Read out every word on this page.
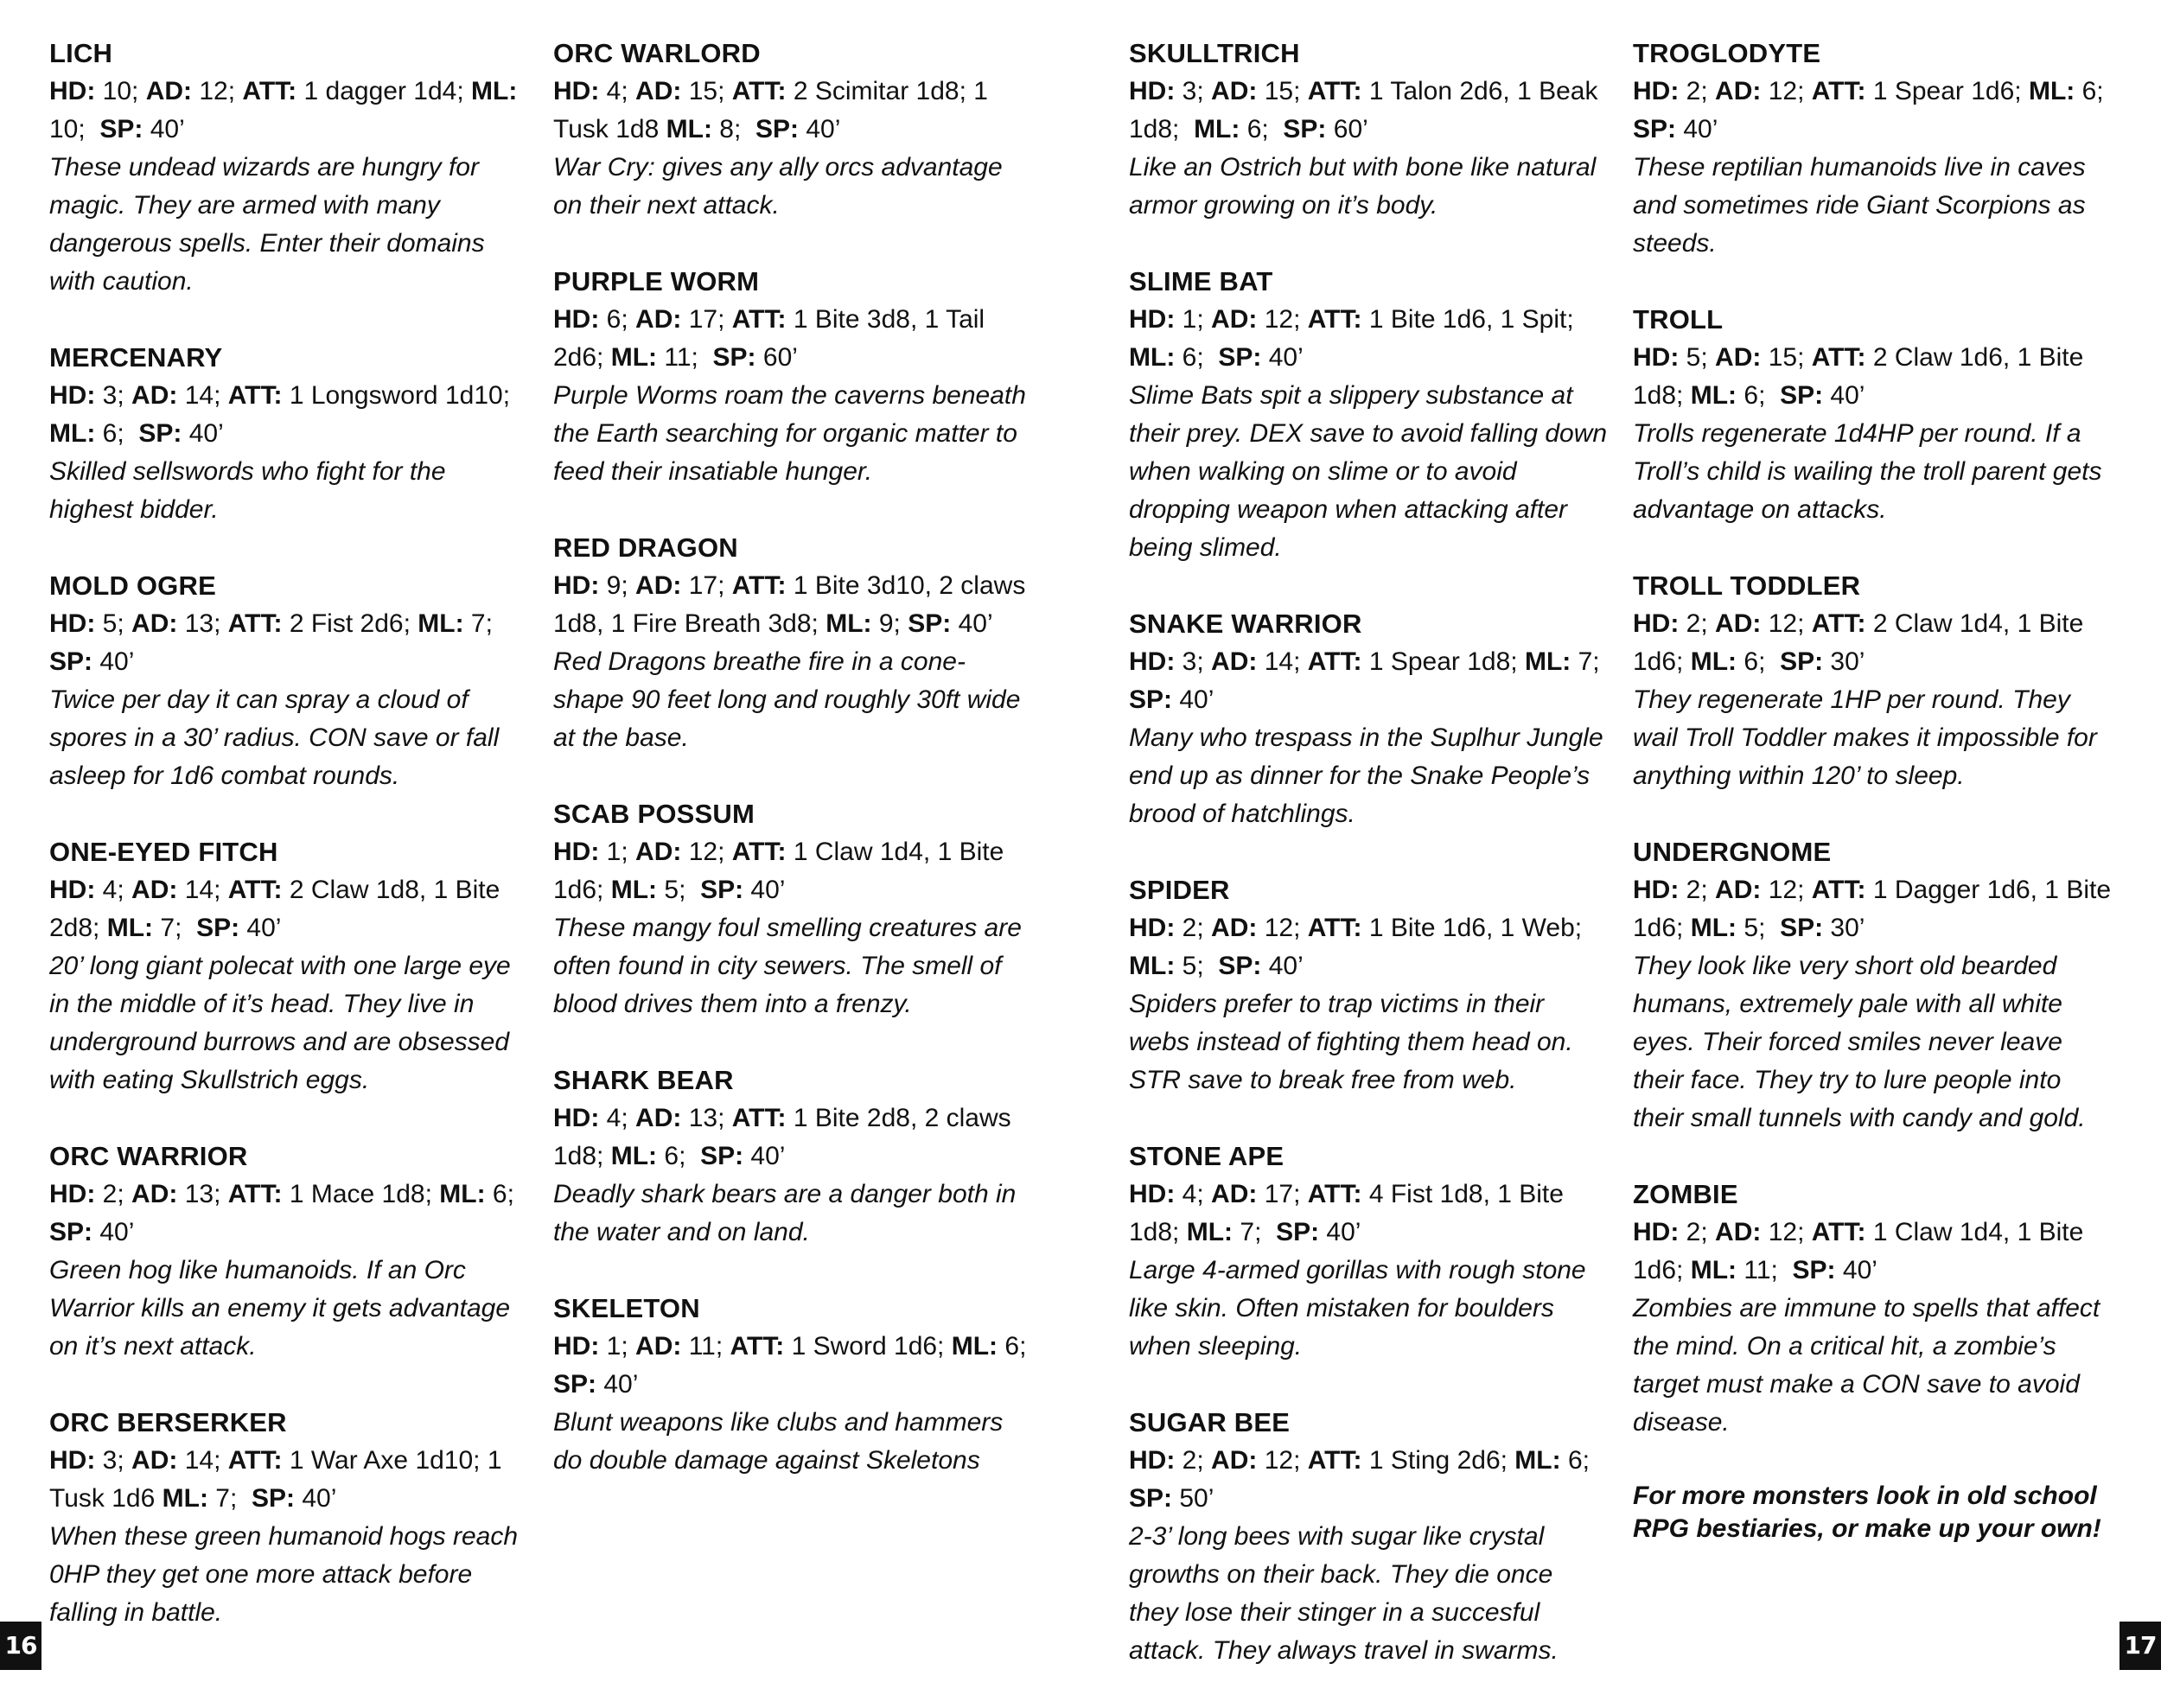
LICH

HD: 10; AD: 12; ATT: 1 dagger 1d4; ML: 10;  SP: 40’

These undead wizards are hungry for magic. They are armed with many dangerous spells. Enter their domains with caution.

MERCENARY

HD: 3; AD: 14; ATT: 1 Longsword 1d10; ML: 6;  SP: 40’

Skilled sellswords who fight for the highest bidder.

MOLD OGRE

HD: 5; AD: 13; ATT: 2 Fist 2d6; ML: 7; SP: 40’

Twice per day it can spray a cloud of spores in a 30’ radius. CON save or fall asleep for 1d6 combat rounds.

ONE-EYED FITCH

HD: 4; AD: 14; ATT: 2 Claw 1d8, 1 Bite 2d8; ML: 7;  SP: 40’

20’ long giant polecat with one large eye in the middle of it’s head. They live in underground burrows and are obsessed with eating Skullstrich eggs.

ORC WARRIOR

HD: 2; AD: 13; ATT: 1 Mace 1d8; ML: 6; SP: 40’

Green hog like humanoids. If an Orc Warrior kills an enemy it gets advantage on it’s next attack.

ORC BERSERKER

HD: 3; AD: 14; ATT: 1 War Axe 1d10; 1 Tusk 1d6 ML: 7;  SP: 40’

When these green humanoid hogs reach 0HP they get one more attack before falling in battle.

ORC WARLORD

HD: 4; AD: 15; ATT: 2 Scimitar 1d8; 1 Tusk 1d8 ML: 8;  SP: 40’

War Cry: gives any ally orcs advantage on their next attack.

PURPLE WORM

HD: 6; AD: 17; ATT: 1 Bite 3d8, 1 Tail 2d6; ML: 11;  SP: 60’

Purple Worms roam the caverns beneath the Earth searching for organic matter to feed their insatiable hunger.

RED DRAGON

HD: 9; AD: 17; ATT: 1 Bite 3d10, 2 claws 1d8, 1 Fire Breath 3d8; ML: 9; SP: 40’

Red Dragons breathe fire in a cone-shape 90 feet long and roughly 30ft wide at the base.

SCAB POSSUM

HD: 1; AD: 12; ATT: 1 Claw 1d4, 1 Bite 1d6; ML: 5;  SP: 40’

These mangy foul smelling creatures are often found in city sewers. The smell of blood drives them into a frenzy.

SHARK BEAR

HD: 4; AD: 13; ATT: 1 Bite 2d8, 2 claws 1d8; ML: 6;  SP: 40’

Deadly shark bears are a danger both in the water and on land.

SKELETON

HD: 1; AD: 11; ATT: 1 Sword 1d6; ML: 6;  SP: 40’

Blunt weapons like clubs and hammers do double damage against Skeletons

SKULLTRICH

HD: 3; AD: 15; ATT: 1 Talon 2d6, 1 Beak 1d8;  ML: 6;  SP: 60’

Like an Ostrich but with bone like natural armor growing on it’s body.

SLIME BAT

HD: 1; AD: 12; ATT: 1 Bite 1d6, 1 Spit; ML: 6;  SP: 40’

Slime Bats spit a slippery substance at their prey. DEX save to avoid falling down when walking on slime or to avoid dropping weapon when attacking after being slimed.

SNAKE WARRIOR

HD: 3; AD: 14; ATT: 1 Spear 1d8; ML: 7;  SP: 40’

Many who trespass in the Suplhur Jungle end up as dinner for the Snake People’s brood of hatchlings.

SPIDER

HD: 2; AD: 12; ATT: 1 Bite 1d6, 1 Web; ML: 5;  SP: 40’

Spiders prefer to trap victims in their webs instead of fighting them head on. STR save to break free from web.

STONE APE

HD: 4; AD: 17; ATT: 4 Fist 1d8, 1 Bite 1d8; ML: 7;  SP: 40’

Large 4-armed gorillas with rough stone like skin. Often mistaken for boulders when sleeping.

SUGAR BEE

HD: 2; AD: 12; ATT: 1 Sting 2d6; ML: 6;  SP: 50’

2-3’ long bees with sugar like crystal growths on their back. They die once they lose their stinger in a succesful attack. They always travel in swarms.

TROGLODYTE

HD: 2; AD: 12; ATT: 1 Spear 1d6; ML: 6;  SP: 40’

These reptilian humanoids live in caves and sometimes ride Giant Scorpions as steeds.

TROLL

HD: 5; AD: 15; ATT: 2 Claw 1d6, 1 Bite 1d8; ML: 6;  SP: 40’

Trolls regenerate 1d4HP per round. If a Troll’s child is wailing the troll parent gets advantage on attacks.

TROLL TODDLER

HD: 2; AD: 12; ATT: 2 Claw 1d4, 1 Bite 1d6; ML: 6;  SP: 30’

They regenerate 1HP per round. They wail Troll Toddler makes it impossible for anything within 120’ to sleep.

UNDERGNOME

HD: 2; AD: 12; ATT: 1 Dagger 1d6, 1 Bite 1d6; ML: 5;  SP: 30’

They look like very short old bearded humans, extremely pale with all white eyes. Their forced smiles never leave their face. They try to lure people into their small tunnels with candy and gold.

ZOMBIE

HD: 2; AD: 12; ATT: 1 Claw 1d4, 1 Bite 1d6; ML: 11;  SP: 40’

Zombies are immune to spells that affect the mind. On a critical hit, a zombie’s target must make a CON save to avoid disease.

For more monsters look in old school RPG bestiaries, or make up your own!

16	17
